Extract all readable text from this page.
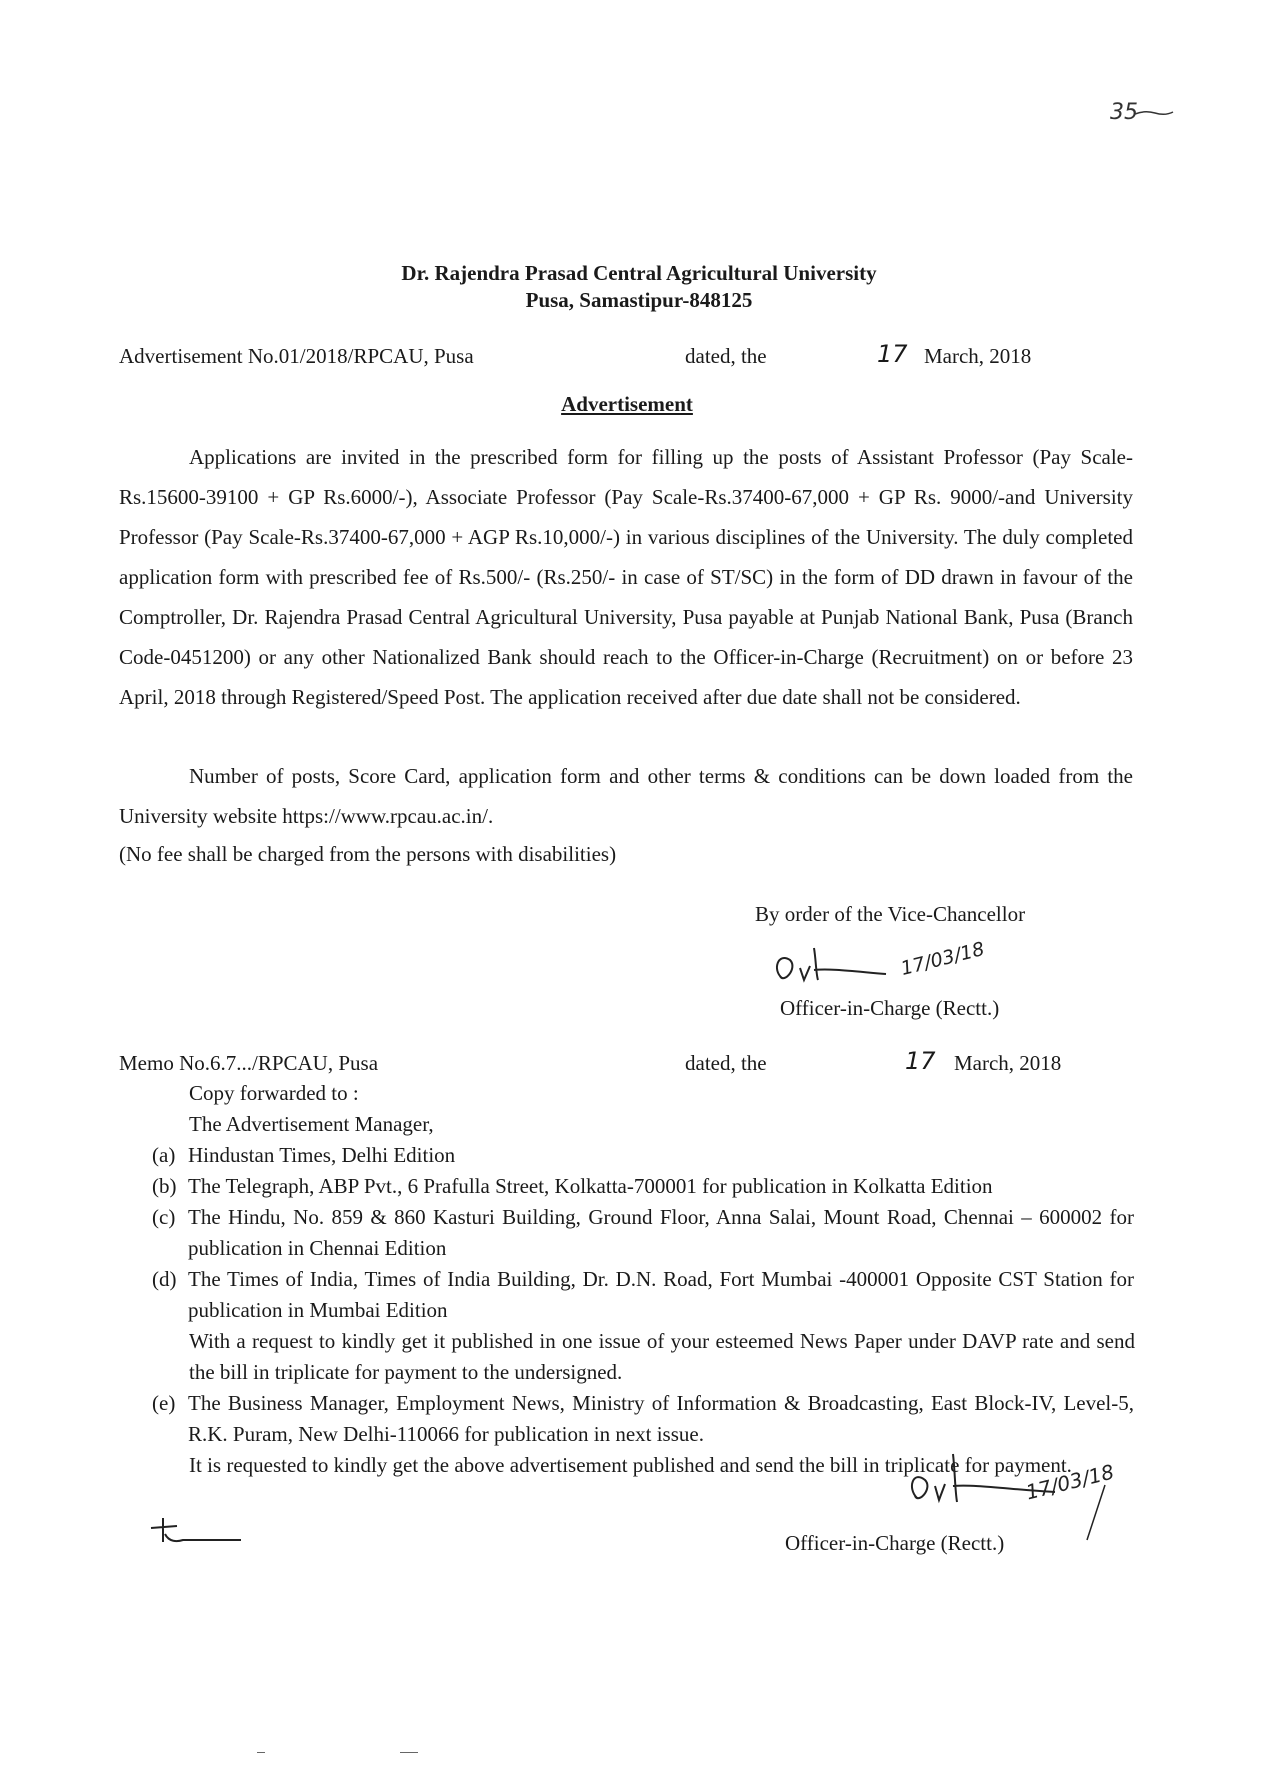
35
Dr. Rajendra Prasad Central Agricultural University
Pusa, Samastipur-848125
Advertisement No.01/2018/RPCAU, Pusa	dated, the	17 March, 2018
Advertisement
Applications are invited in the prescribed form for filling up the posts of Assistant Professor (Pay Scale- Rs.15600-39100 + GP Rs.6000/-), Associate Professor (Pay Scale-Rs.37400-67,000 + GP Rs. 9000/-and University Professor (Pay Scale-Rs.37400-67,000 + AGP Rs.10,000/-) in various disciplines of the University. The duly completed application form with prescribed fee of Rs.500/- (Rs.250/- in case of ST/SC) in the form of DD drawn in favour of the Comptroller, Dr. Rajendra Prasad Central Agricultural University, Pusa payable at Punjab National Bank, Pusa (Branch Code-0451200) or any other Nationalized Bank should reach to the Officer-in-Charge (Recruitment) on or before 23 April, 2018 through Registered/Speed Post. The application received after due date shall not be considered.
Number of posts, Score Card, application form and other terms & conditions can be down loaded from the University website https://www.rpcau.ac.in/.
(No fee shall be charged from the persons with disabilities)
By order of the Vice-Chancellor
17/03/18
Officer-in-Charge (Rectt.)
Memo No.6.7.../RPCAU, Pusa	dated, the	17 March, 2018
Copy forwarded to :
The Advertisement Manager,
(a) Hindustan Times, Delhi Edition
(b) The Telegraph, ABP Pvt., 6 Prafulla Street, Kolkatta-700001 for publication in Kolkatta Edition
(c) The Hindu, No. 859 & 860 Kasturi Building, Ground Floor, Anna Salai, Mount Road, Chennai – 600002 for publication in Chennai Edition
(d) The Times of India, Times of India Building, Dr. D.N. Road, Fort Mumbai -400001 Opposite CST Station for publication in Mumbai Edition
With a request to kindly get it published in one issue of your esteemed News Paper under DAVP rate and send the bill in triplicate for payment to the undersigned.
(e) The Business Manager, Employment News, Ministry of Information & Broadcasting, East Block-IV, Level-5, R.K. Puram, New Delhi-110066 for publication in next issue.
It is requested to kindly get the above advertisement published and send the bill in triplicate for payment.
17/03/18
Officer-in-Charge (Rectt.)
